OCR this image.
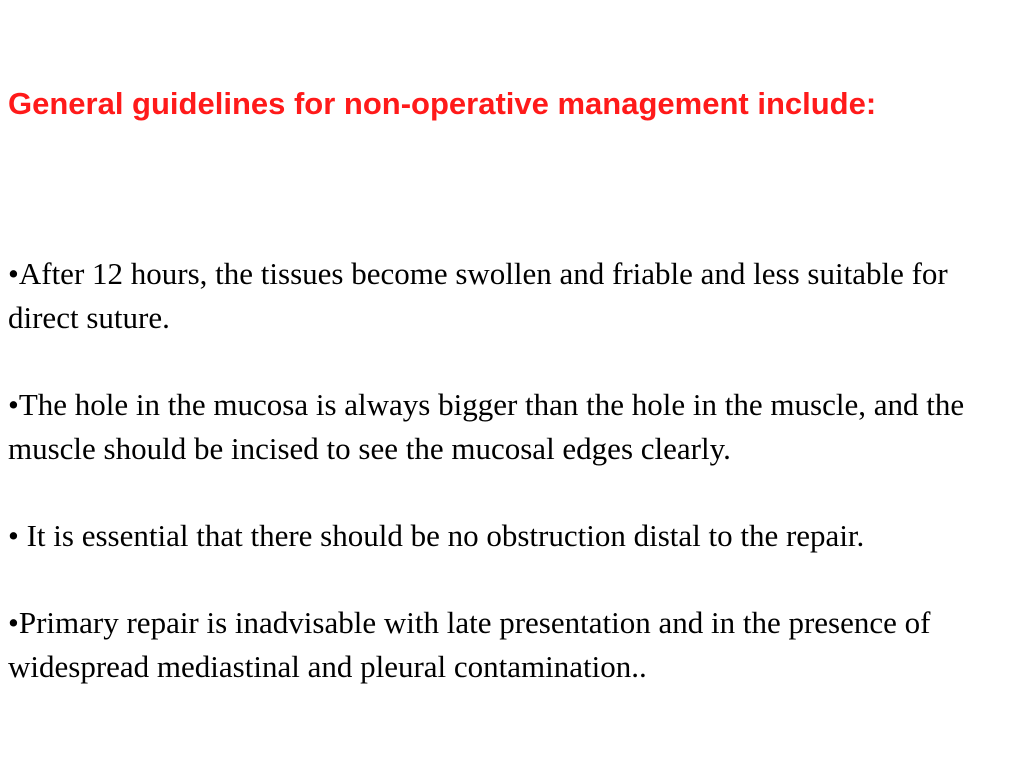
General guidelines for non-operative management include:
•After 12 hours, the tissues become swollen and friable and less suitable for direct suture.
•The hole in the mucosa is always bigger than the hole in the muscle, and the muscle should be incised to see the mucosal edges clearly.
• It is essential that there should be no obstruction distal to the repair.
•Primary repair is inadvisable with late presentation and in the presence of widespread mediastinal and pleural contamination..
